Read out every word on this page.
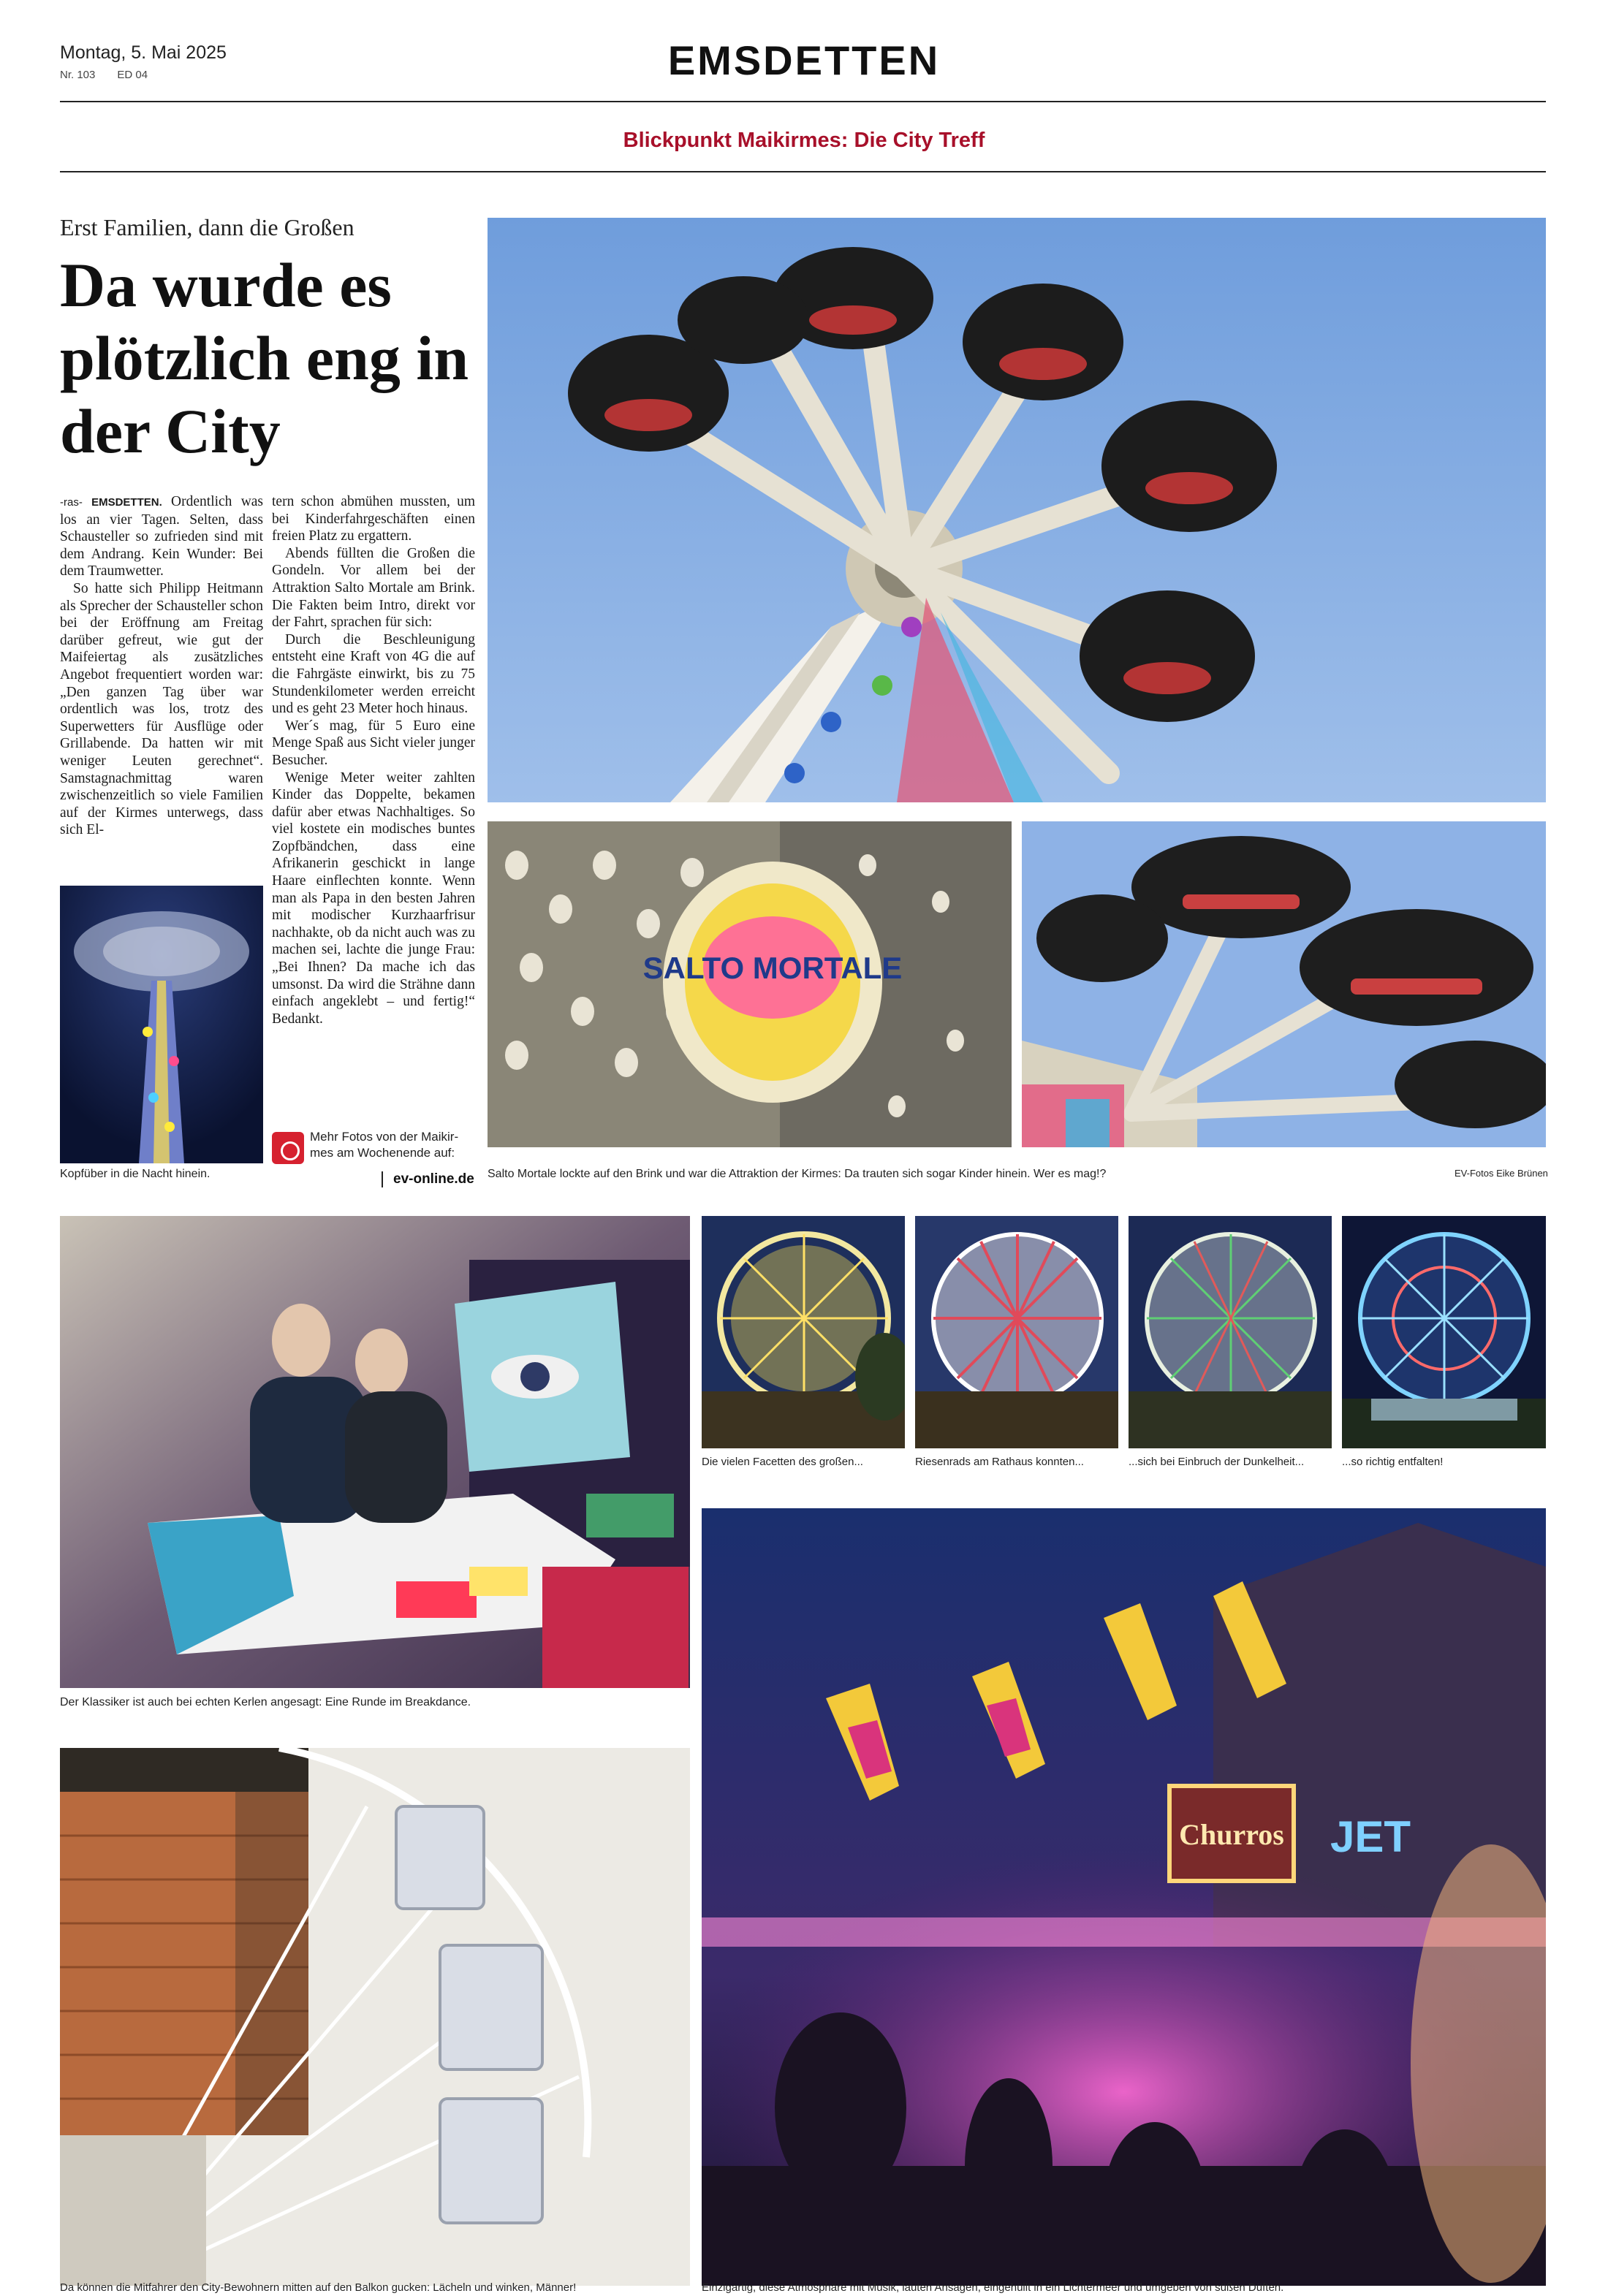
Montag, 5. Mai 2025
Nr. 103 ED 04	EMSDETTEN
Blickpunkt Maikirmes: Die City Treff
Erst Familien, dann die Großen
Da wurde es plötzlich eng in der City

-ras- EMSDETTEN. Ordentlich was los an vier Tagen. Selten, dass Schausteller so zufrieden sind mit dem Andrang. Kein Wunder: Bei dem Traumwetter.

So hatte sich Philipp Heitmann als Sprecher der Schausteller schon bei der Eröffnung am Freitag darüber gefreut, wie gut der Maifeiertag als zusätzliches Angebot frequentiert worden war: „Den ganzen Tag über war ordentlich was los, trotz des Superwetters für Ausflüge oder Grillabende. Da hatten wir mit weniger Leuten gerechnet“. Samstagnachmittag waren zwischenzeitlich so viele Familien auf der Kirmes unterwegs, dass sich El-

tern schon abmühen mussten, um bei Kinderfahrgeschäften einen freien Platz zu ergattern.

Abends füllten die Großen die Gondeln. Vor allem bei der Attraktion Salto Mortale am Brink. Die Fakten beim Intro, direkt vor der Fahrt, sprachen für sich:

Durch die Beschleunigung entsteht eine Kraft von 4G die auf die Fahrgäste einwirkt, bis zu 75 Stundenkilometer werden erreicht und es geht 23 Meter hoch hinaus.

Wer´s mag, für 5 Euro eine Menge Spaß aus Sicht vieler junger Besucher.

Wenige Meter weiter zahlten Kinder das Doppelte, bekamen dafür aber etwas Nachhaltiges. So viel kostete ein modisches buntes Zopfbändchen, dass eine Afrikanerin geschickt in lange Haare einflechten konnte. Wenn man als Papa in den besten Jahren mit modischer Kurzhaarfrisur nachhakte, ob da nicht auch was zu machen sei, lachte die junge Frau: „Bei Ihnen? Da mache ich das umsonst. Da wird die Strähne dann einfach angeklebt – und fertig!“ Bedankt.

Mehr Fotos von der Maikir-
mes am Wochenende auf:
ev-online.de
Kopfüber in die Nacht hinein.
SALTO MORTALE
Salto Mortale lockte auf den Brink und war die Attraktion der Kirmes: Da trauten sich sogar Kinder hinein. Wer es mag!?	EV-Fotos Eike Brünen
Der Klassiker ist auch bei echten Kerlen angesagt: Eine Runde im Breakdance.
Die vielen Facetten des großen...	Riesenrads am Rathaus konnten...	...sich bei Einbruch der Dunkelheit...	...so richtig entfalten!
Da können die Mitfahrer den City-Bewohnern mitten auf den Balkon gucken: Lächeln und winken, Männer!
Churros JET
Einzigartig, diese Atmosphäre mit Musik, lauten Ansagen, eingehüllt in ein Lichtermeer und umgeben von süßen Düften.
